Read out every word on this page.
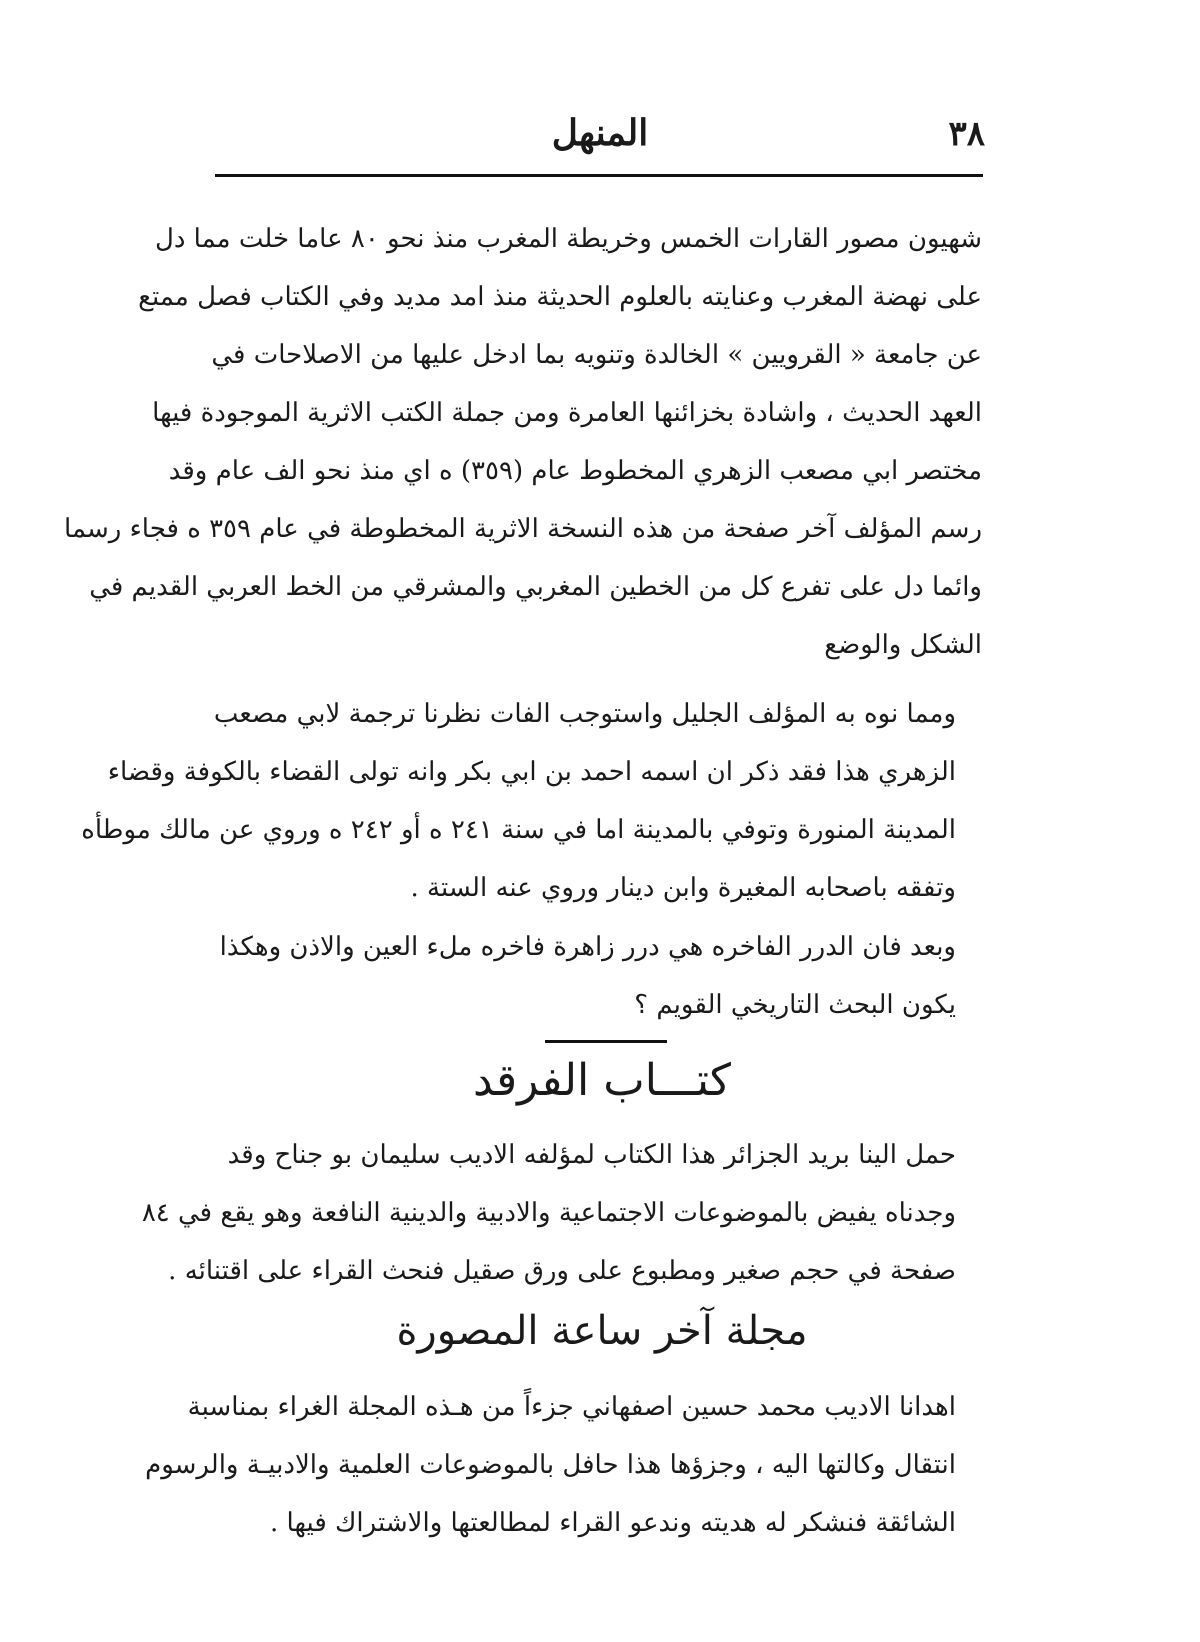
٣٨
المنهل
شهيون مصور القارات الخمس وخريطة المغرب منذ نحو ٨٠ عاما خلت مما دل
على نهضة المغرب وعنايته بالعلوم الحديثة منذ امد مديد وفي الكتاب فصل ممتع
عن جامعة « القرويين » الخالدة وتنويه بما ادخل عليها من الاصلاحات في
العهد الحديث ، واشادة بخزائنها العامرة ومن جملة الكتب الاثرية الموجودة فيها
مختصر ابي مصعب الزهري المخطوط عام (٣٥٩) ه اي منذ نحو الف عام وقد
رسم المؤلف آخر صفحة من هذه النسخة الاثرية المخطوطة في عام ٣٥٩ ه فجاء رسما
وائما دل على تفرع كل من الخطين المغربي والمشرقي من الخط العربي القديم في
الشكل والوضع
ومما نوه به المؤلف الجليل واستوجب الفات نظرنا ترجمة لابي مصعب
الزهري هذا فقد ذكر ان اسمه احمد بن ابي بكر وانه تولى القضاء بالكوفة وقضاء
المدينة المنورة وتوفي بالمدينة اما في سنة ٢٤١ ه أو ٢٤٢ ه وروي عن مالك موطأه
وتفقه باصحابه المغيرة وابن دينار وروي عنه الستة .
وبعد فان الدرر الفاخره هي درر زاهرة فاخره ملء العين والاذن وهكذا
يكون البحث التاريخي القويم ؟
كتـــاب الفرقد
حمل الينا بريد الجزائر هذا الكتاب لمؤلفه الاديب سليمان بو جناح وقد
وجدناه يفيض بالموضوعات الاجتماعية والادبية والدينية النافعة وهو يقع في ٨٤
صفحة في حجم صغير ومطبوع على ورق صقيل فنحث القراء على اقتنائه .
مجلة آخر ساعة المصورة
اهدانا الاديب محمد حسين اصفهاني جزءاً من هـذه المجلة الغراء بمناسبة
انتقال وكالتها اليه ، وجزؤها هذا حافل بالموضوعات العلمية والادبيـة والرسوم
الشائقة فنشكر له هديته وندعو القراء لمطالعتها والاشتراك فيها .
